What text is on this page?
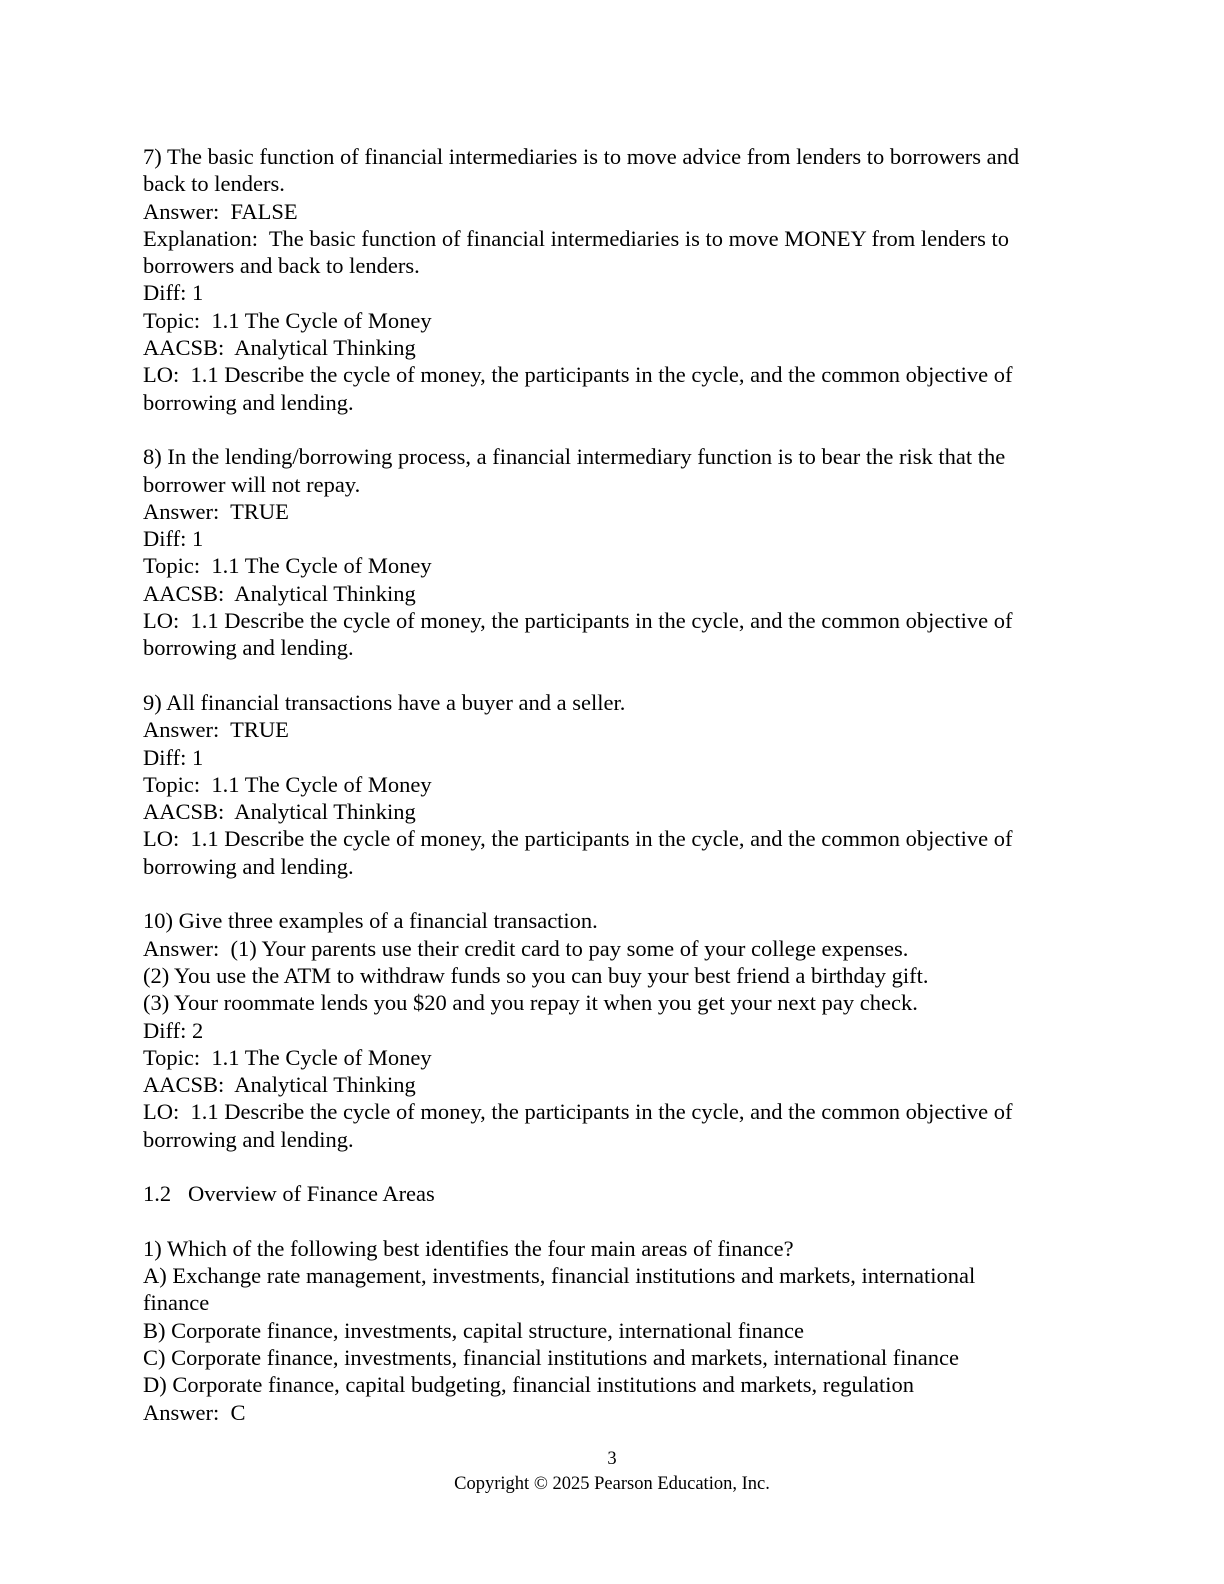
7) The basic function of financial intermediaries is to move advice from lenders to borrowers and

back to lenders.

Answer:  FALSE

Explanation:  The basic function of financial intermediaries is to move MONEY from lenders to

borrowers and back to lenders.

Diff: 1

Topic:  1.1 The Cycle of Money

AACSB:  Analytical Thinking

LO:  1.1 Describe the cycle of money, the participants in the cycle, and the common objective of

borrowing and lending.

8) In the lending/borrowing process, a financial intermediary function is to bear the risk that the

borrower will not repay.

Answer:  TRUE

Diff: 1

Topic:  1.1 The Cycle of Money

AACSB:  Analytical Thinking

LO:  1.1 Describe the cycle of money, the participants in the cycle, and the common objective of

borrowing and lending.

9) All financial transactions have a buyer and a seller.

Answer:  TRUE

Diff: 1

Topic:  1.1 The Cycle of Money

AACSB:  Analytical Thinking

LO:  1.1 Describe the cycle of money, the participants in the cycle, and the common objective of

borrowing and lending.

10) Give three examples of a financial transaction.

Answer:  (1) Your parents use their credit card to pay some of your college expenses.

(2) You use the ATM to withdraw funds so you can buy your best friend a birthday gift.

(3) Your roommate lends you $20 and you repay it when you get your next pay check.

Diff: 2

Topic:  1.1 The Cycle of Money

AACSB:  Analytical Thinking

LO:  1.1 Describe the cycle of money, the participants in the cycle, and the common objective of

borrowing and lending.

1.2   Overview of Finance Areas

1) Which of the following best identifies the four main areas of finance?

A) Exchange rate management, investments, financial institutions and markets, international

finance

B) Corporate finance, investments, capital structure, international finance

C) Corporate finance, investments, financial institutions and markets, international finance

D) Corporate finance, capital budgeting, financial institutions and markets, regulation

Answer:  C

3
Copyright © 2025 Pearson Education, Inc.
